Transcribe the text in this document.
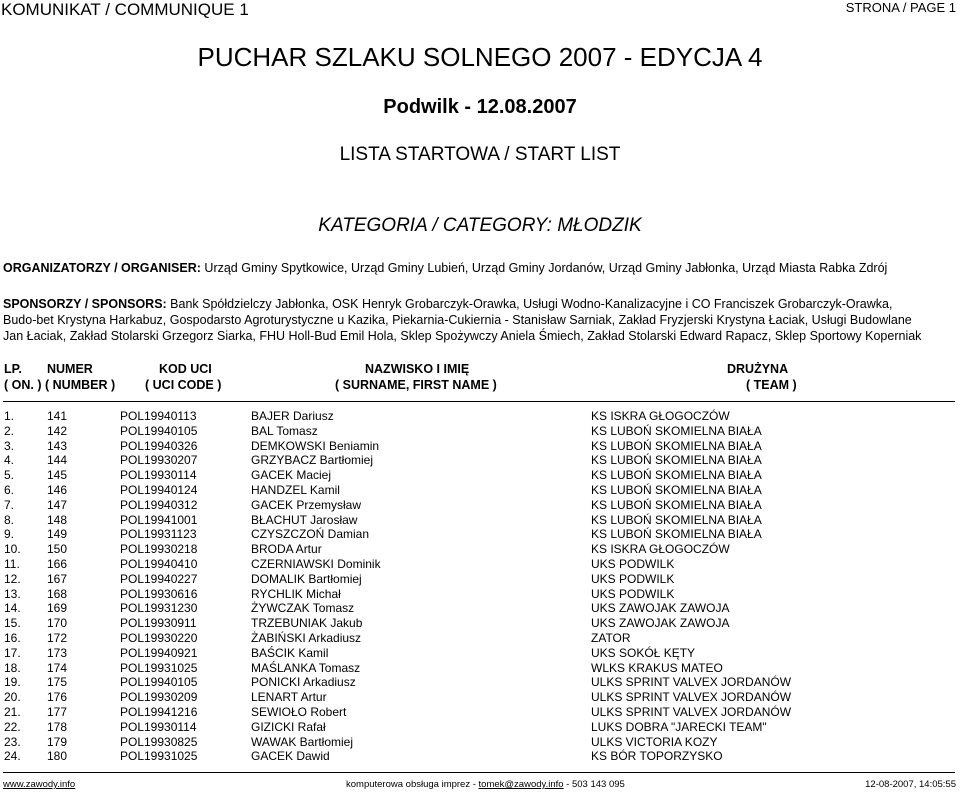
KOMUNIKAT / COMMUNIQUE 1	STRONA / PAGE 1
PUCHAR SZLAKU SOLNEGO 2007 - EDYCJA 4
Podwilk - 12.08.2007
LISTA STARTOWA / START LIST
KATEGORIA / CATEGORY: MŁODZIK
ORGANIZATORZY / ORGANISER: Urząd Gminy Spytkowice, Urząd Gminy Lubień, Urząd Gminy Jordanów, Urząd Gminy Jabłonka, Urząd Miasta Rabka Zdrój
SPONSORZY / SPONSORS: Bank Spółdzielczy Jabłonka, OSK Henryk Grobarczyk-Orawka, Usługi Wodno-Kanalizacyjne i CO Franciszek Grobarczyk-Orawka,
Budo-bet Krystyna Harkabuz, Gospodarsto Agroturystyczne u Kazika, Piekarnia-Cukiernia - Stanisław Sarniak, Zakład Fryzjerski Krystyna Łaciak, Usługi Budowlane
Jan Łaciak, Zakład Stolarski Grzegorz Siarka, FHU Holl-Bud Emil Hola, Sklep Spożywczy Aniela Śmiech, Zakład Stolarski Edward Rapacz, Sklep Sportowy Koperniak
LP. NUMER	KOD UCI	NAZWISKO I IMIĘ	DRUŻYNA
( ON. ) ( NUMBER ) ( UCI CODE )	( SURNAME, FIRST NAME )	( TEAM )
1.	141	POL19940113	BAJER Dariusz	KS ISKRA GŁOGOCZÓW
2.	142	POL19940105	BAL Tomasz	KS LUBOŃ SKOMIELNA BIAŁA
3.	143	POL19940326	DEMKOWSKI Beniamin	KS LUBOŃ SKOMIELNA BIAŁA
4.	144	POL19930207	GRZYBACZ Bartłomiej	KS LUBOŃ SKOMIELNA BIAŁA
5.	145	POL19930114	GACEK Maciej	KS LUBOŃ SKOMIELNA BIAŁA
6.	146	POL19940124	HANDZEL Kamil	KS LUBOŃ SKOMIELNA BIAŁA
7.	147	POL19940312	GACEK Przemysław	KS LUBOŃ SKOMIELNA BIAŁA
8.	148	POL19941001	BŁACHUT Jarosław	KS LUBOŃ SKOMIELNA BIAŁA
9.	149	POL19931123	CZYSZCZOŃ Damian	KS LUBOŃ SKOMIELNA BIAŁA
10. 150	POL19930218	BRODA Artur	KS ISKRA GŁOGOCZÓW
11. 166	POL19940410	CZERNIAWSKI Dominik	UKS PODWILK
12. 167	POL19940227	DOMALIK Bartłomiej	UKS PODWILK
13. 168	POL19930616	RYCHLIK Michał	UKS PODWILK
14. 169	POL19931230	ŻYWCZAK Tomasz	UKS ZAWOJAK ZAWOJA
15. 170	POL19930911	TRZEBUNIAK Jakub	UKS ZAWOJAK ZAWOJA
16. 172	POL19930220	ŻABIŃSKI Arkadiusz	ZATOR
17. 173	POL19940921	BAŚCIK Kamil	UKS SOKÓŁ KĘTY
18. 174	POL19931025	MAŚLANKA Tomasz	WLKS KRAKUS MATEO
19. 175	POL19940105	PONICKI Arkadiusz	ULKS SPRINT VALVEX JORDANÓW
20. 176	POL19930209	LENART Artur	ULKS SPRINT VALVEX JORDANÓW
21. 177	POL19941216	SEWIOŁO Robert	ULKS SPRINT VALVEX JORDANÓW
22. 178	POL19930114	GIZICKI Rafał	LUKS DOBRA "JARECKI TEAM"
23. 179	POL19930825	WAWAK Bartłomiej	ULKS VICTORIA KOZY
24. 180	POL19931025	GACEK Dawid	KS BÓR TOPORZYSKO
www.zawody.info	komputerowa obsługa imprez - tomek@zawody.info - 503 143 095	12-08-2007, 14:05:55
